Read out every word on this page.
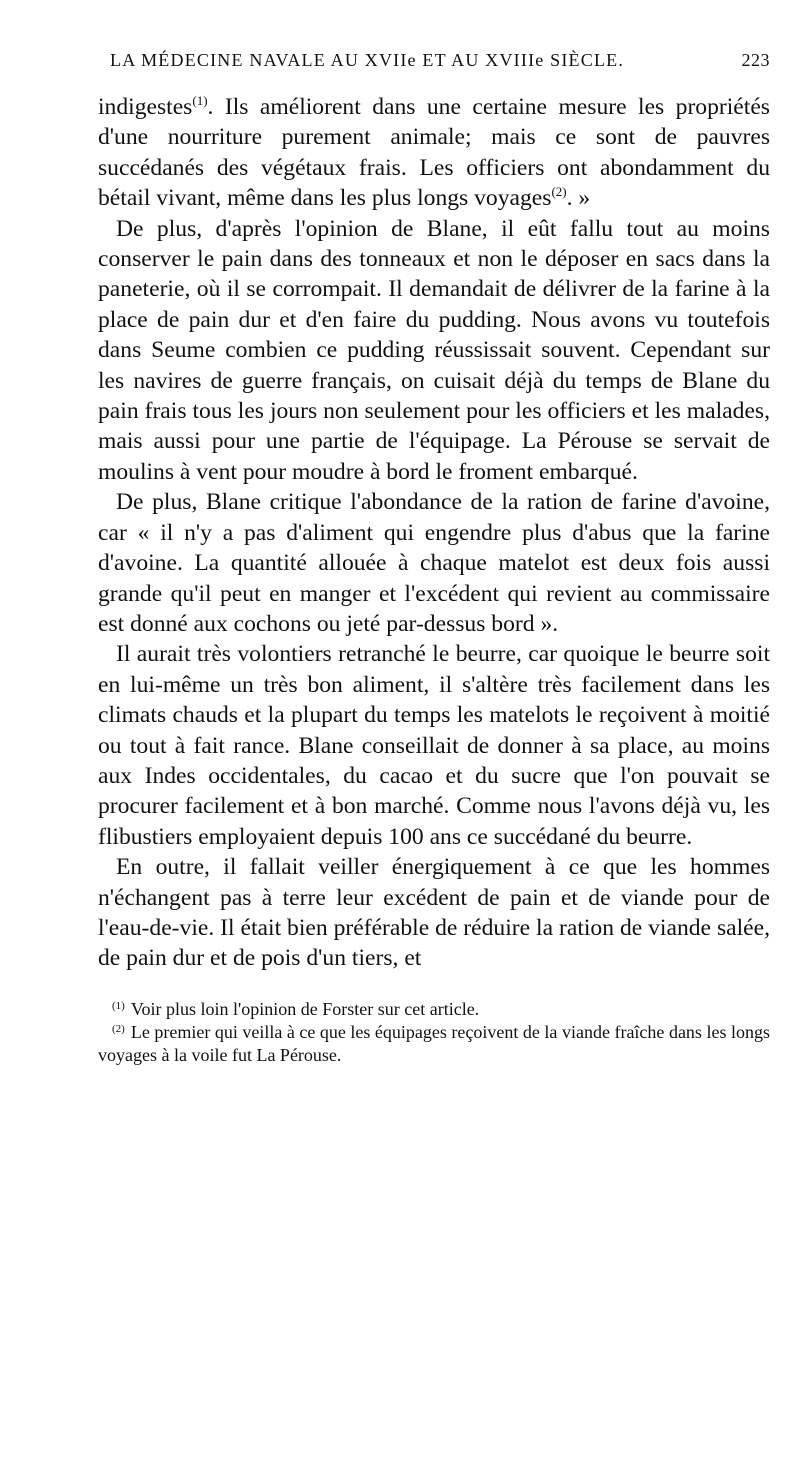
LA MÉDECINE NAVALE AU XVIIe ET AU XVIIIe SIÈCLE.	223

indigestes$^{(1)}$. Ils améliorent dans une certaine mesure les propriétés d'une nourriture purement animale; mais ce sont de pauvres succédanés des végétaux frais. Les officiers ont abondamment du bétail vivant, même dans les plus longs voyages$^{(2)}$. »

De plus, d'après l'opinion de Blane, il eût fallu tout au moins conserver le pain dans des tonneaux et non le déposer en sacs dans la paneterie, où il se corrompait. Il demandait de délivrer de la farine à la place de pain dur et d'en faire du pudding. Nous avons vu toutefois dans Seume combien ce pudding réussissait souvent. Cependant sur les navires de guerre français, on cuisait déjà du temps de Blane du pain frais tous les jours non seulement pour les officiers et les malades, mais aussi pour une partie de l'équipage. La Pérouse se servait de moulins à vent pour moudre à bord le froment embarqué.

De plus, Blane critique l'abondance de la ration de farine d'avoine, car « il n'y a pas d'aliment qui engendre plus d'abus que la farine d'avoine. La quantité allouée à chaque matelot est deux fois aussi grande qu'il peut en manger et l'excédent qui revient au commissaire est donné aux cochons ou jeté par-dessus bord ».

Il aurait très volontiers retranché le beurre, car quoique le beurre soit en lui-même un très bon aliment, il s'altère très facilement dans les climats chauds et la plupart du temps les matelots le reçoivent à moitié ou tout à fait rance. Blane conseillait de donner à sa place, au moins aux Indes occidentales, du cacao et du sucre que l'on pouvait se procurer facilement et à bon marché. Comme nous l'avons déjà vu, les flibustiers employaient depuis 100 ans ce succédané du beurre.

En outre, il fallait veiller énergiquement à ce que les hommes n'échangent pas à terre leur excédent de pain et de viande pour de l'eau-de-vie. Il était bien préférable de réduire la ration de viande salée, de pain dur et de pois d'un tiers, et

$^{(1)}$ Voir plus loin l'opinion de Forster sur cet article.

$^{(2)}$ Le premier qui veilla à ce que les équipages reçoivent de la viande fraîche dans les longs voyages à la voile fut La Pérouse.
